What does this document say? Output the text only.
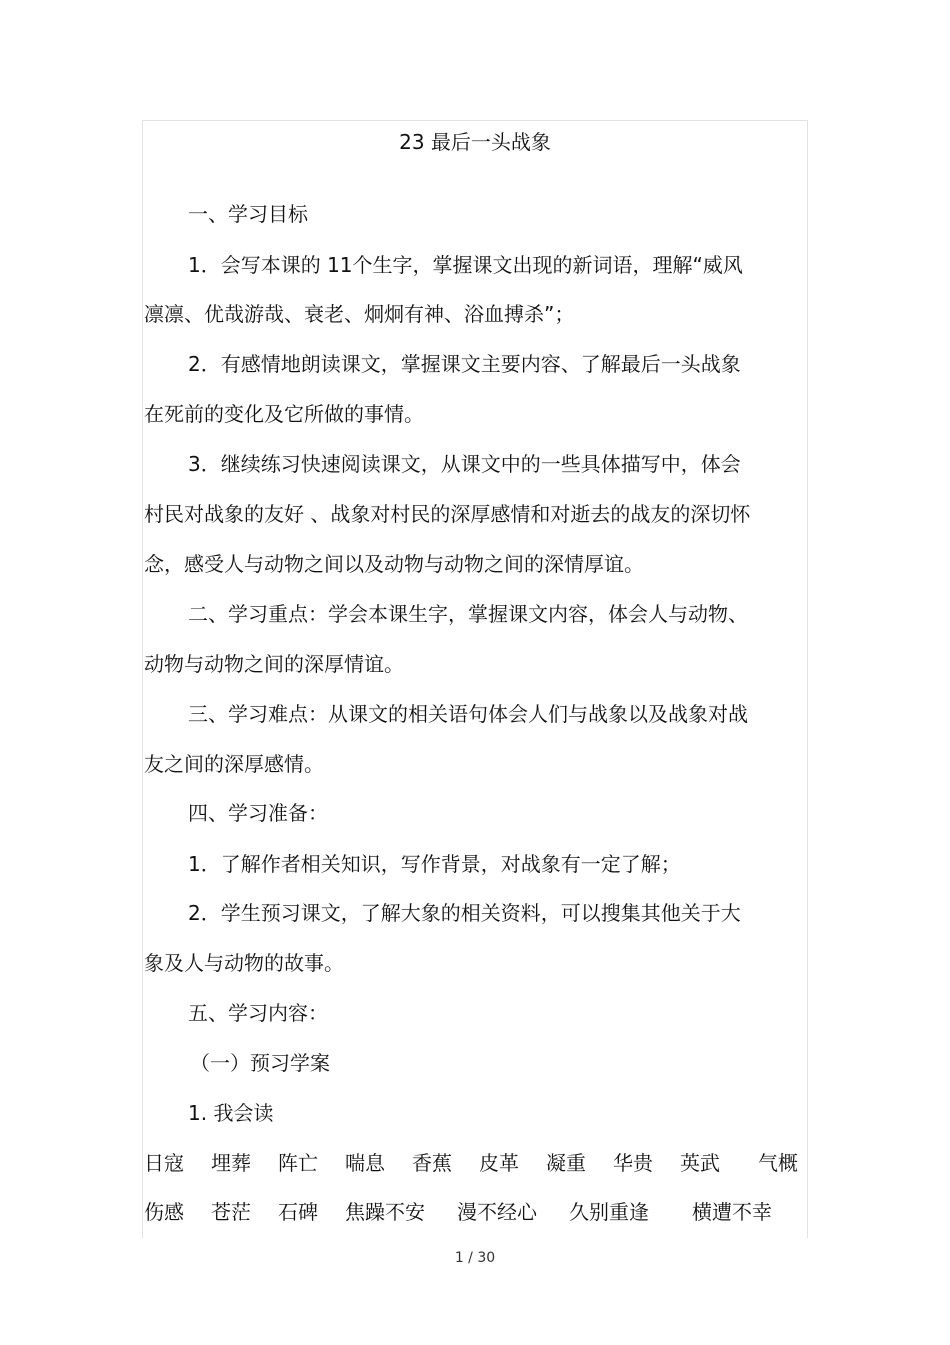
23 最后一头战象
一、学习目标
1．会写本课的 11个生字，掌握课文出现的新词语，理解“威风
凛凛、优哉游哉、衰老、炯炯有神、浴血搏杀”；
2．有感情地朗读课文，掌握课文主要内容、了解最后一头战象
在死前的变化及它所做的事情。
3．继续练习快速阅读课文，从课文中的一些具体描写中，体会
村民对战象的友好 、战象对村民的深厚感情和对逝去的战友的深切怀
念，感受人与动物之间以及动物与动物之间的深情厚谊。
二、学习重点：学会本课生字，掌握课文内容，体会人与动物、
动物与动物之间的深厚情谊。
三、学习难点：从课文的相关语句体会人们与战象以及战象对战
友之间的深厚感情。
四、学习准备：
1．了解作者相关知识，写作背景，对战象有一定了解；
2．学生预习课文，了解大象的相关资料，可以搜集其他关于大
象及人与动物的故事。
五、学习内容：
（一）预习学案
1. 我会读
日寇 埋葬 阵亡 喘息 香蕉 皮革 凝重 华贵 英武 气概
伤感 苍茫 石碑 焦躁不安 漫不经心 久别重逢 横遭不幸
1 / 30
